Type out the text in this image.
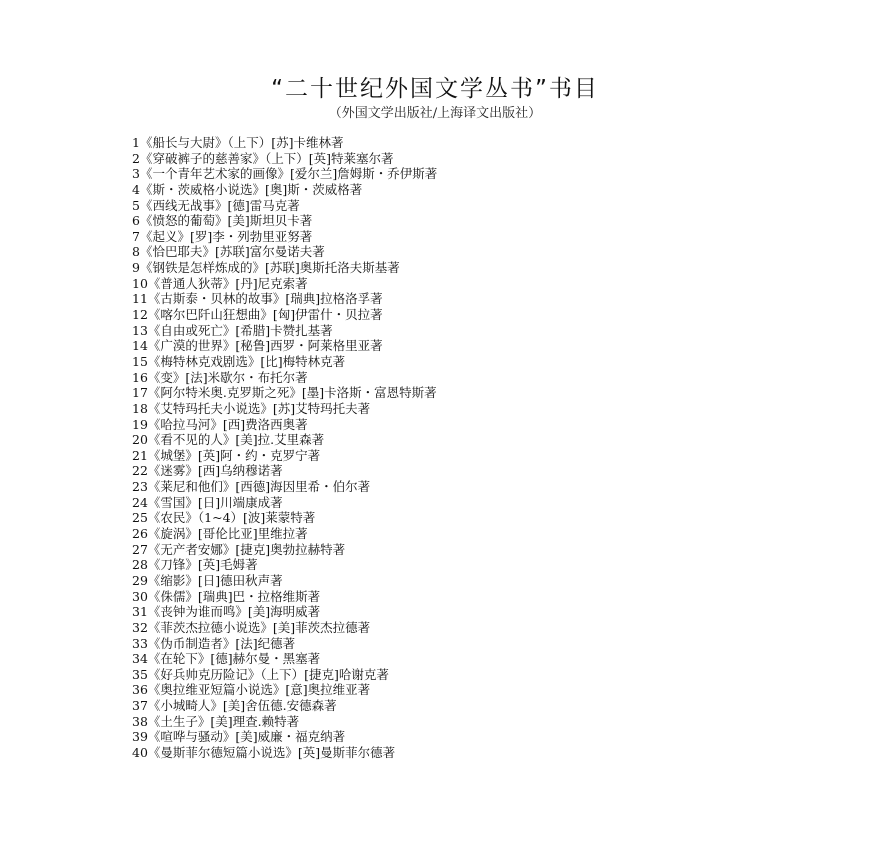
“二十世纪外国文学丛书”书目
（外国文学出版社/上海译文出版社）
1《船长与大尉》（上下）[苏]卡维林著
2《穿破裤子的慈善家》（上下）[英]特莱塞尔著
3《一个青年艺术家的画像》[爱尔兰]詹姆斯・乔伊斯著
4《斯・茨威格小说选》[奥]斯・茨威格著
5《西线无战事》[德]雷马克著
6《愤怒的葡萄》[美]斯坦贝卡著
7《起义》[罗]李・列勃里亚努著
8《恰巴耶夫》[苏联]富尔曼诺夫著
9《钢铁是怎样炼成的》[苏联]奥斯托洛夫斯基著
10《普通人狄蒂》[丹]尼克索著
11《古斯泰・贝林的故事》[瑞典]拉格洛孚著
12《喀尔巴阡山狂想曲》[匈]伊雷什・贝拉著
13《自由或死亡》[希腊]卡赞扎基著
14《广漠的世界》[秘鲁]西罗・阿莱格里亚著
15《梅特林克戏剧选》[比]梅特林克著
16《变》[法]米歇尔・布托尔著
17《阿尔特米奥.克罗斯之死》[墨]卡洛斯・富恩特斯著
18《艾特玛托夫小说选》[苏]艾特玛托夫著
19《哈拉马河》[西]费洛西奥著
20《看不见的人》[美]拉.艾里森著
21《城堡》[英]阿・约・克罗宁著
22《迷雾》[西]乌纳穆诺著
23《莱尼和他们》[西德]海因里希・伯尔著
24《雪国》[日]川端康成著
25《农民》（1~4）[波]莱蒙特著
26《旋涡》[哥伦比亚]里维拉著
27《无产者安娜》[捷克]奥勃拉赫特著
28《刀锋》[英]毛姆著
29《缩影》[日]德田秋声著
30《侏儒》[瑞典]巴・拉格维斯著
31《丧钟为谁而鸣》[美]海明威著
32《菲茨杰拉德小说选》[美]菲茨杰拉德著
33《伪币制造者》[法]纪德著
34《在轮下》[德]赫尔曼・黑塞著
35《好兵帅克历险记》（上下）[捷克]哈谢克著
36《奥拉维亚短篇小说选》[意]奥拉维亚著
37《小城畸人》[美]舍伍德.安德森著
38《土生子》[美]理查.赖特著
39《喧哗与骚动》[美]威廉・福克纳著
40《曼斯菲尔德短篇小说选》[英]曼斯菲尔德著
